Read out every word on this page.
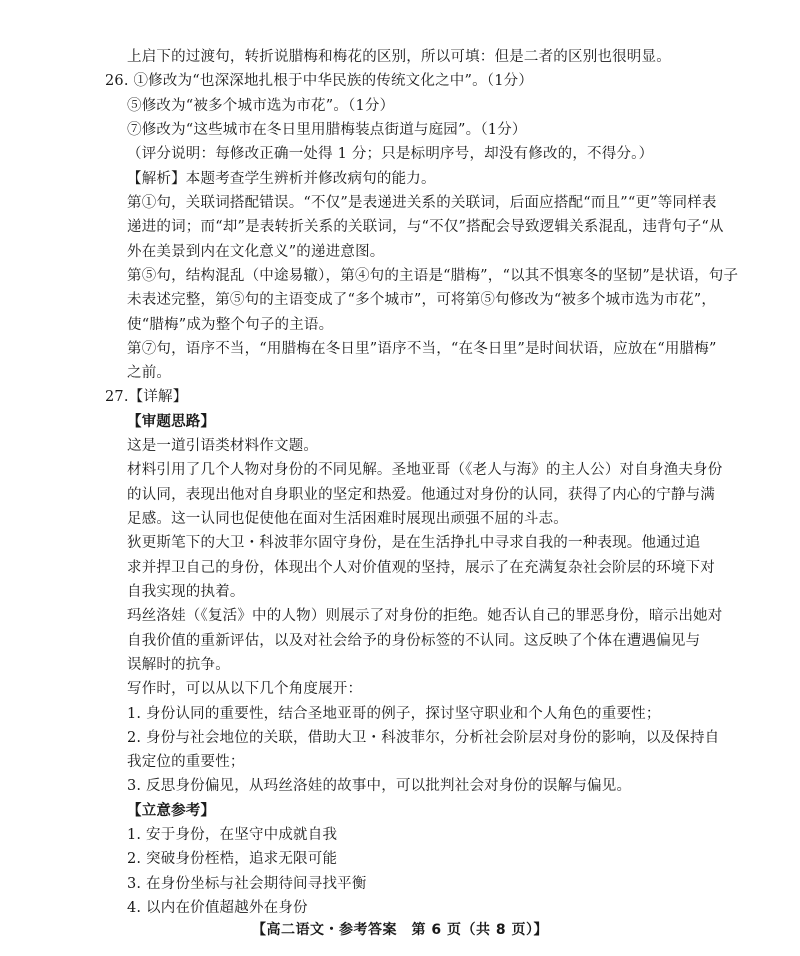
上启下的过渡句，转折说腊梅和梅花的区别，所以可填：但是二者的区别也很明显。
26. ①修改为“也深深地扎根于中华民族的传统文化之中”。（1分）
⑤修改为“被多个城市选为市花”。（1分）
⑦修改为“这些城市在冬日里用腊梅装点街道与庭园”。（1分）
（评分说明：每修改正确一处得 1 分；只是标明序号，却没有修改的，不得分。）
【解析】本题考查学生辨析并修改病句的能力。
第①句，关联词搭配错误。“不仅”是表递进关系的关联词，后面应搭配“而且”“更”等同样表
递进的词；而“却”是表转折关系的关联词，与“不仅”搭配会导致逻辑关系混乱，违背句子“从
外在美景到内在文化意义”的递进意图。
第⑤句，结构混乱（中途易辙），第④句的主语是“腊梅”，“以其不惧寒冬的坚韧”是状语，句子
未表述完整，第⑤句的主语变成了“多个城市”，可将第⑤句修改为“被多个城市选为市花”，
使“腊梅”成为整个句子的主语。
第⑦句，语序不当，“用腊梅在冬日里”语序不当，“在冬日里”是时间状语，应放在“用腊梅”
之前。
27.【详解】
【审题思路】
这是一道引语类材料作文题。
材料引用了几个人物对身份的不同见解。圣地亚哥（《老人与海》的主人公）对自身渔夫身份
的认同，表现出他对自身职业的坚定和热爱。他通过对身份的认同，获得了内心的宁静与满
足感。这一认同也促使他在面对生活困难时展现出顽强不屈的斗志。
狄更斯笔下的大卫・科波菲尔固守身份，是在生活挣扎中寻求自我的一种表现。他通过追
求并捍卫自己的身份，体现出个人对价值观的坚持，展示了在充满复杂社会阶层的环境下对
自我实现的执着。
玛丝洛娃（《复活》中的人物）则展示了对身份的拒绝。她否认自己的罪恶身份，暗示出她对
自我价值的重新评估，以及对社会给予的身份标签的不认同。这反映了个体在遭遇偏见与
误解时的抗争。
写作时，可以从以下几个角度展开：
1. 身份认同的重要性，结合圣地亚哥的例子，探讨坚守职业和个人角色的重要性；
2. 身份与社会地位的关联，借助大卫・科波菲尔，分析社会阶层对身份的影响，以及保持自
我定位的重要性；
3. 反思身份偏见，从玛丝洛娃的故事中，可以批判社会对身份的误解与偏见。
【立意参考】
1. 安于身份，在坚守中成就自我
2. 突破身份桎梏，追求无限可能
3. 在身份坐标与社会期待间寻找平衡
4. 以内在价值超越外在身份
【高二语文・参考答案　第 6 页（共 8 页）】
